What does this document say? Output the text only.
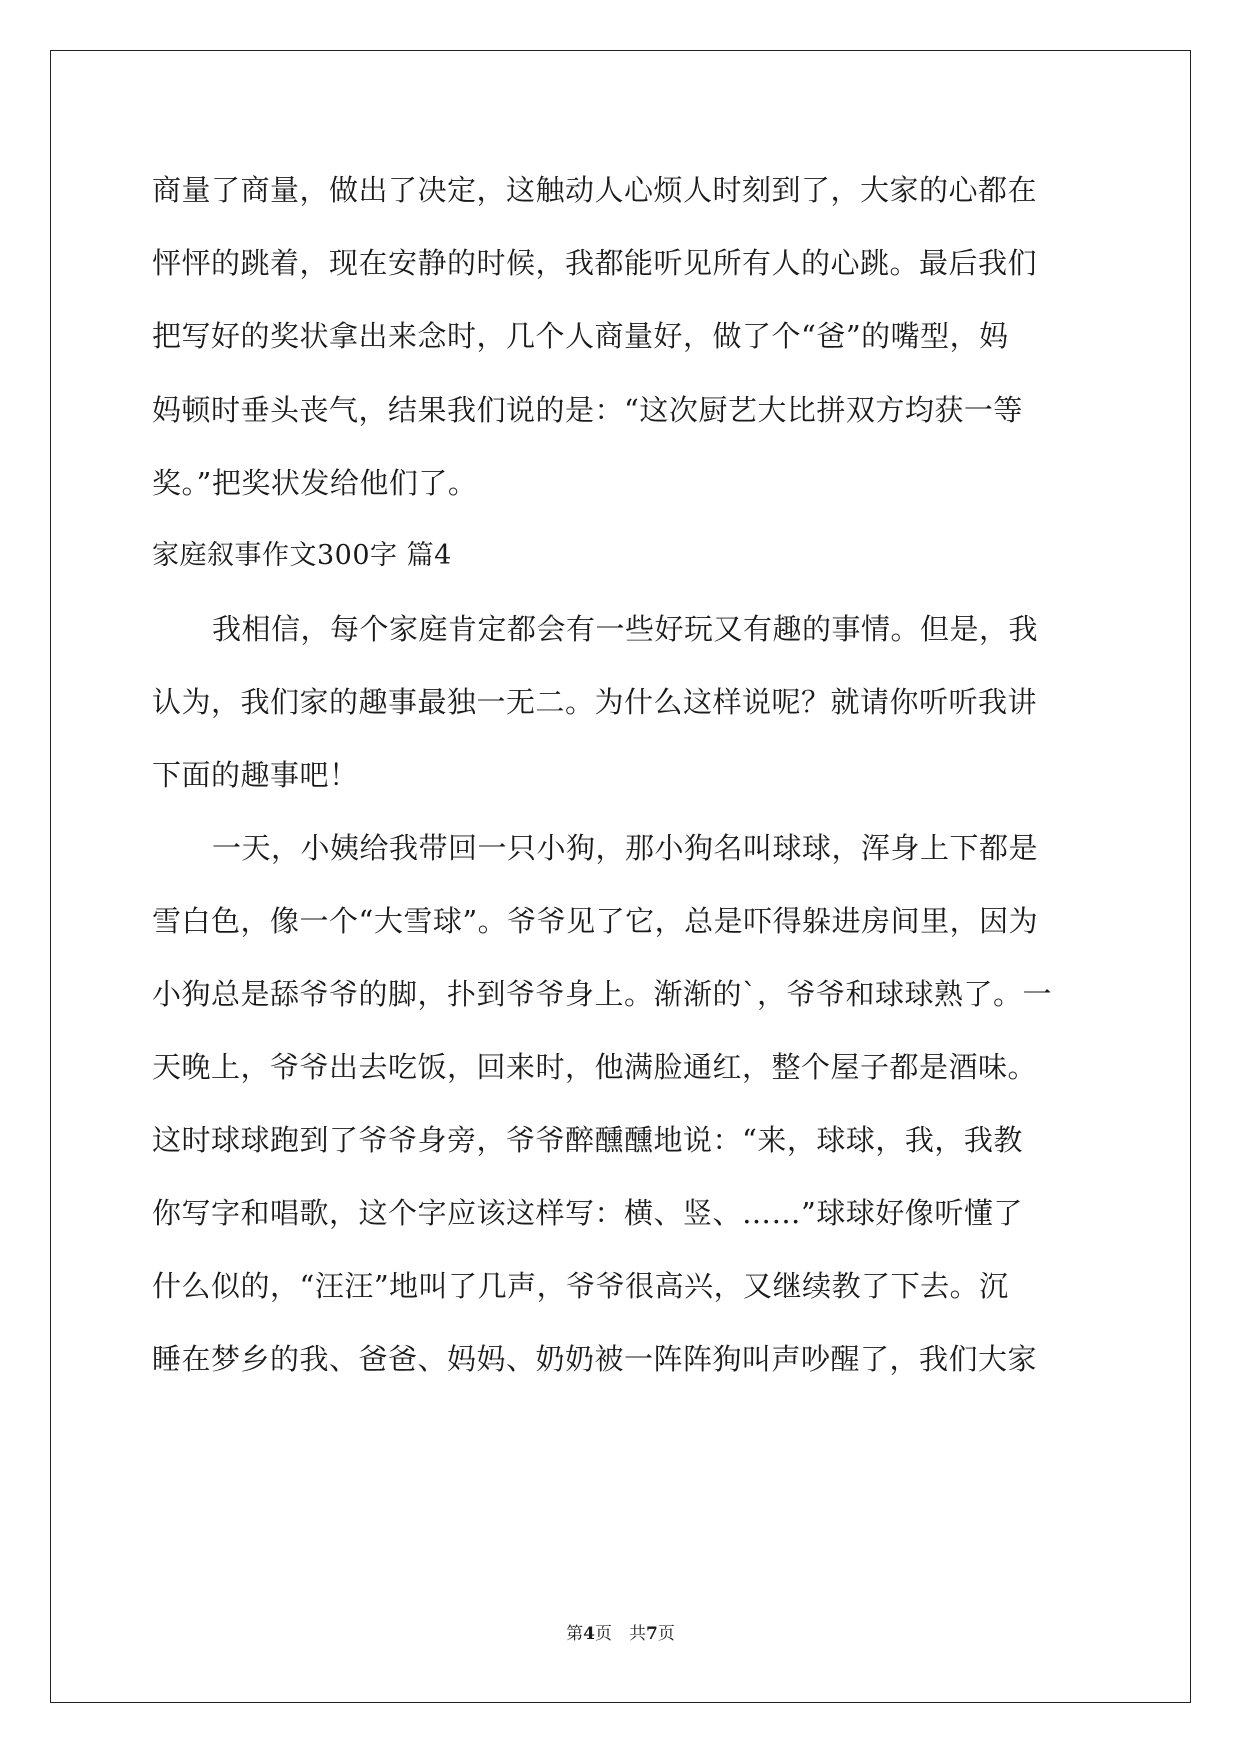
商量了商量，做出了决定，这触动人心烦人时刻到了，大家的心都在
怦怦的跳着，现在安静的时候，我都能听见所有人的心跳。最后我们
把写好的奖状拿出来念时，几个人商量好，做了个“爸”的嘴型，妈
妈顿时垂头丧气，结果我们说的是：“这次厨艺大比拼双方均获一等
奖。”把奖状发给他们了。
家庭叙事作文300字 篇4
我相信，每个家庭肯定都会有一些好玩又有趣的事情。但是，我
认为，我们家的趣事最独一无二。为什么这样说呢？就请你听听我讲
下面的趣事吧！
一天，小姨给我带回一只小狗，那小狗名叫球球，浑身上下都是
雪白色，像一个“大雪球”。爷爷见了它，总是吓得躲进房间里，因为
小狗总是舔爷爷的脚，扑到爷爷身上。渐渐的`，爷爷和球球熟了。一
天晚上，爷爷出去吃饭，回来时，他满脸通红，整个屋子都是酒味。
这时球球跑到了爷爷身旁，爷爷醉醺醺地说：“来，球球，我，我教
你写字和唱歌，这个字应该这样写：横、竖、……”球球好像听懂了
什么似的，“汪汪”地叫了几声，爷爷很高兴，又继续教了下去。沉
睡在梦乡的我、爸爸、妈妈、奶奶被一阵阵狗叫声吵醒了，我们大家
第4页　共7页
